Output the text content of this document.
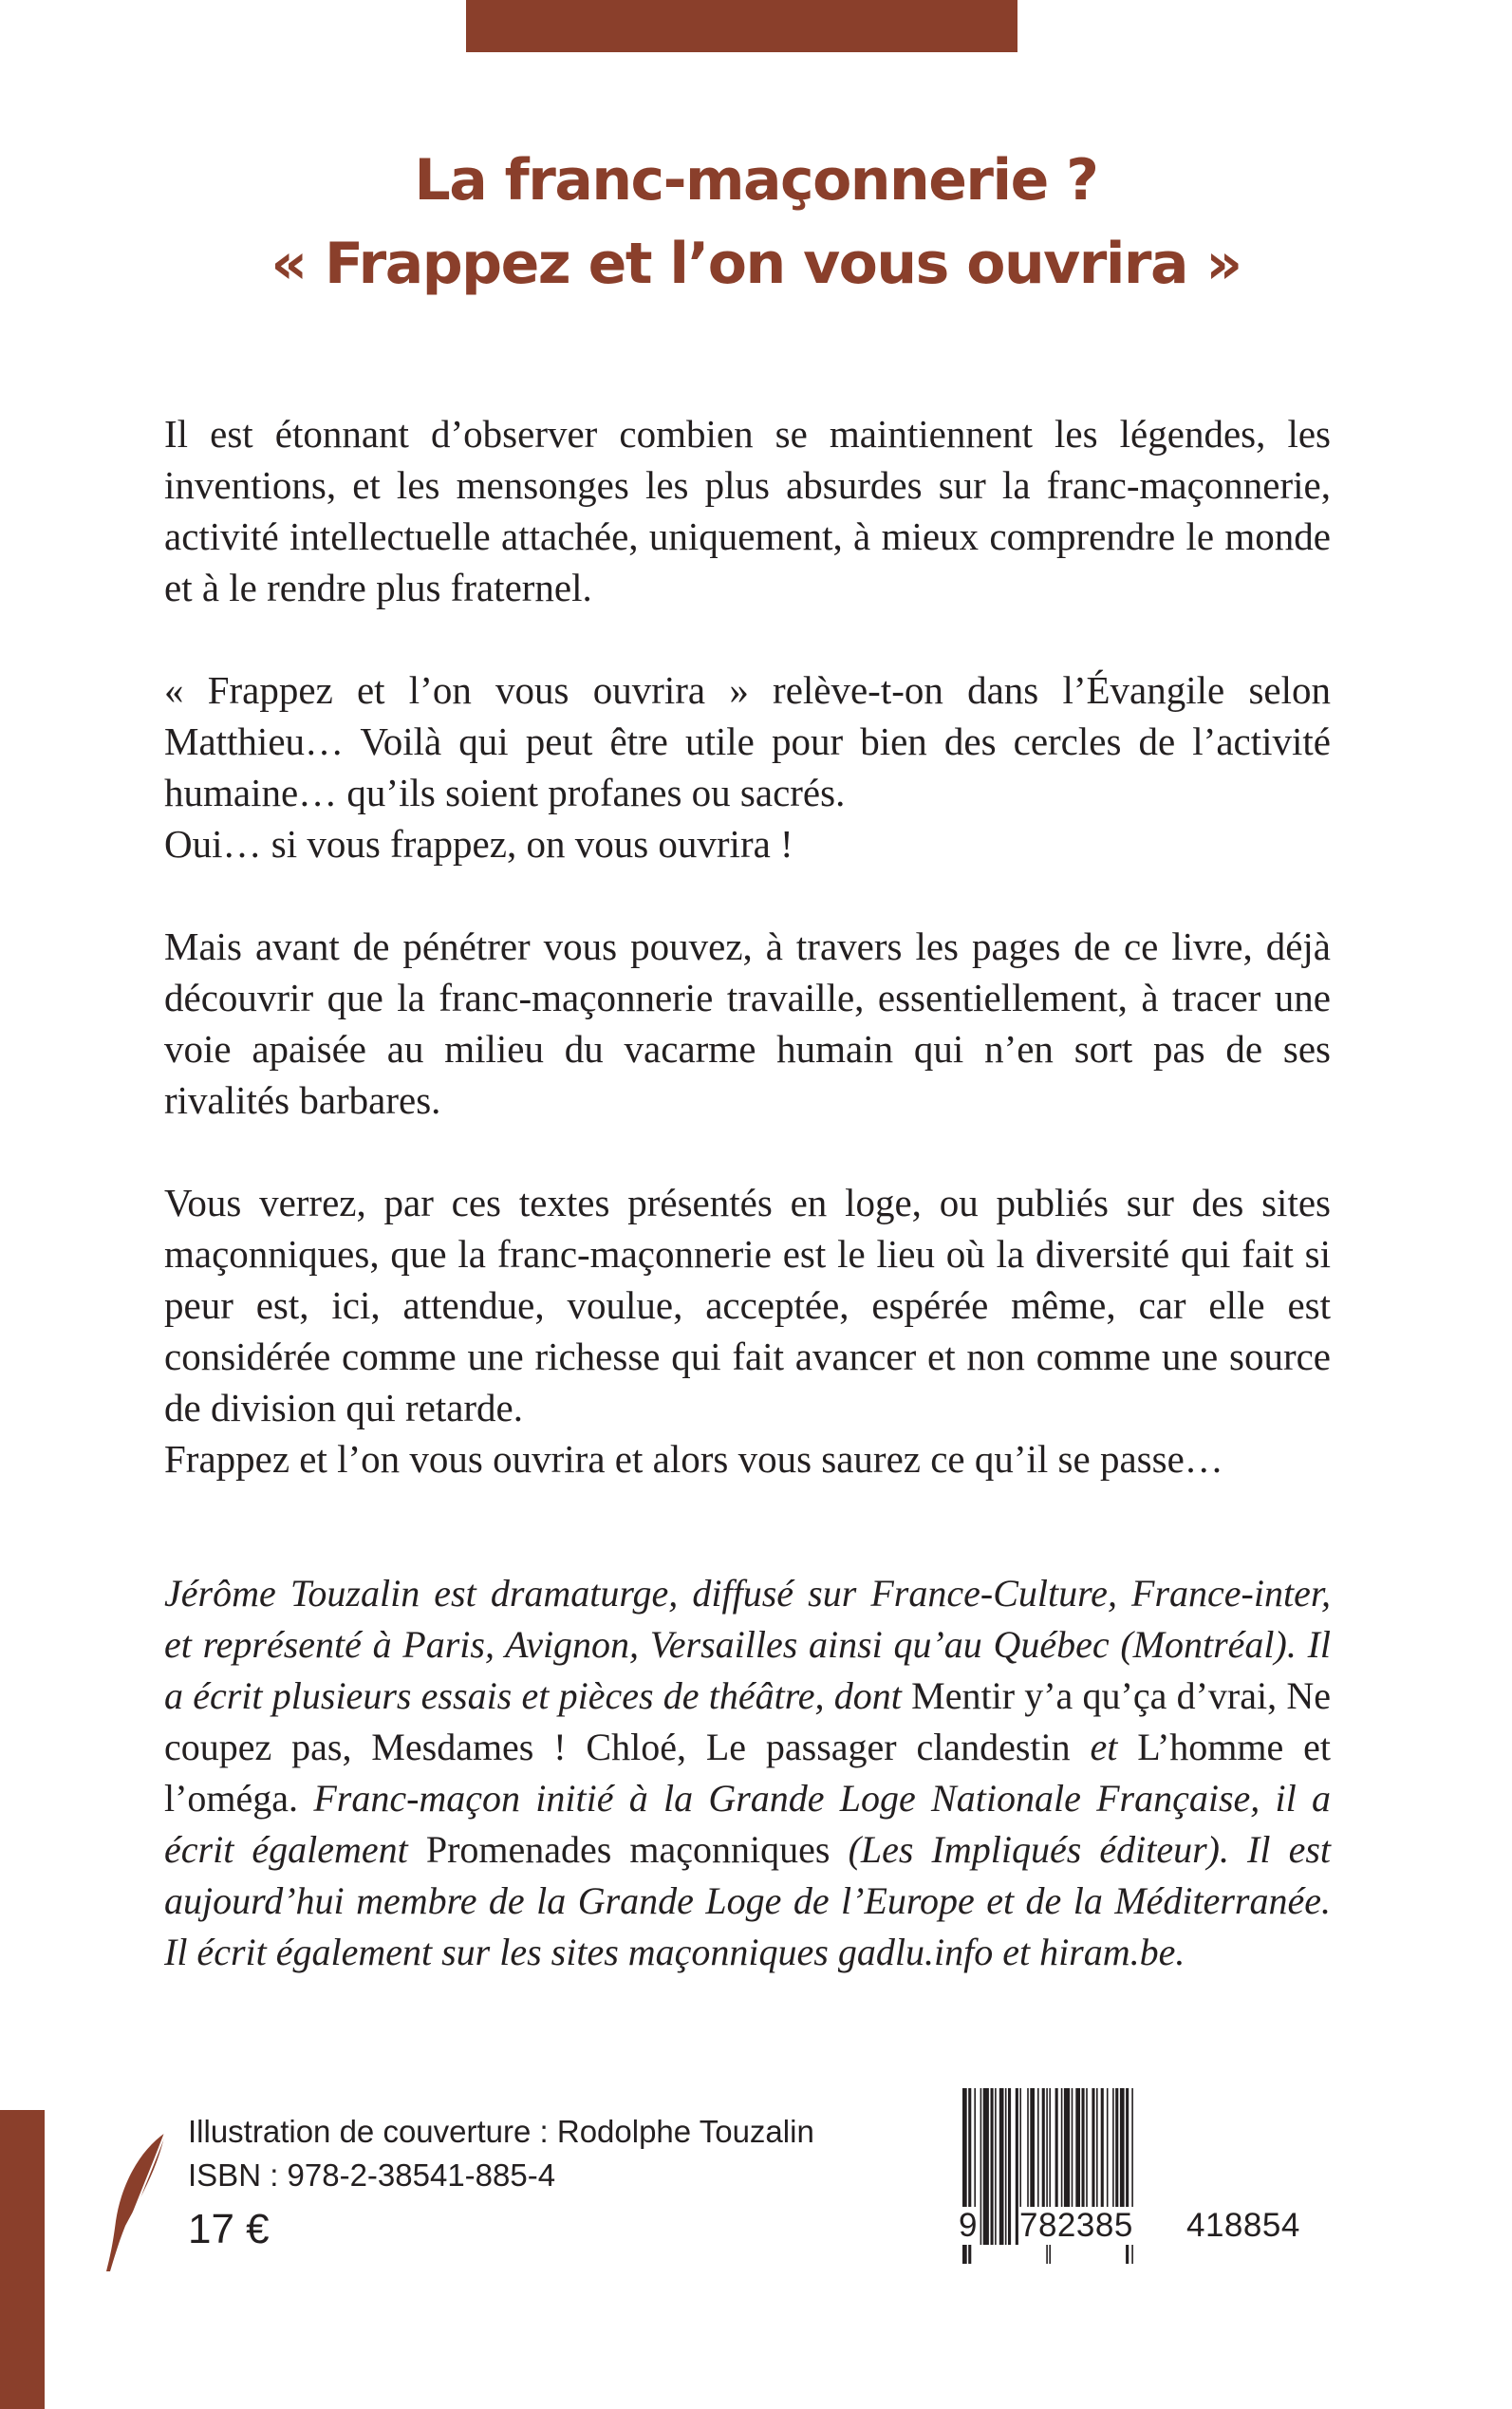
La franc-maçonnerie ?
« Frappez et l’on vous ouvrira »

Il est étonnant d’observer combien se maintiennent les légendes, les inventions, et les mensonges les plus absurdes sur la franc-maçonnerie, activité intellectuelle attachée, uniquement, à mieux comprendre le monde et à le rendre plus fraternel.

« Frappez et l’on vous ouvrira » relève-t-on dans l’Évangile selon Matthieu… Voilà qui peut être utile pour bien des cercles de l’activité humaine… qu’ils soient profanes ou sacrés.

Oui… si vous frappez, on vous ouvrira !

Mais avant de pénétrer vous pouvez, à travers les pages de ce livre, déjà découvrir que la franc-maçonnerie travaille, essentiellement, à tracer une voie apaisée au milieu du vacarme humain qui n’en sort pas de ses rivalités barbares.

Vous verrez, par ces textes présentés en loge, ou publiés sur des sites maçonniques, que la franc-maçonnerie est le lieu où la diversité qui fait si peur est, ici, attendue, voulue, acceptée, espérée même, car elle est considérée comme une richesse qui fait avancer et non comme une source de division qui retarde.

Frappez et l’on vous ouvrira et alors vous saurez ce qu’il se passe…

Jérôme Touzalin est dramaturge, diffusé sur France-Culture, France-inter, et représenté à Paris, Avignon, Versailles ainsi qu’au Québec (Montréal). Il a écrit plusieurs essais et pièces de théâtre, dont Mentir y’a qu’ça d’vrai, Ne coupez pas, Mesdames ! Chloé, Le passager clandestin et L’homme et l’oméga. Franc-maçon initié à la Grande Loge Nationale Française, il a écrit également Promenades maçonniques (Les Impliqués éditeur). Il est aujourd’hui membre de la Grande Loge de l’Europe et de la Méditerranée. Il écrit également sur les sites maçonniques gadlu.info et hiram.be.
Illustration de couverture : Rodolphe Touzalin
ISBN : 978-2-38541-885-4
17 €	9 782385 418854
